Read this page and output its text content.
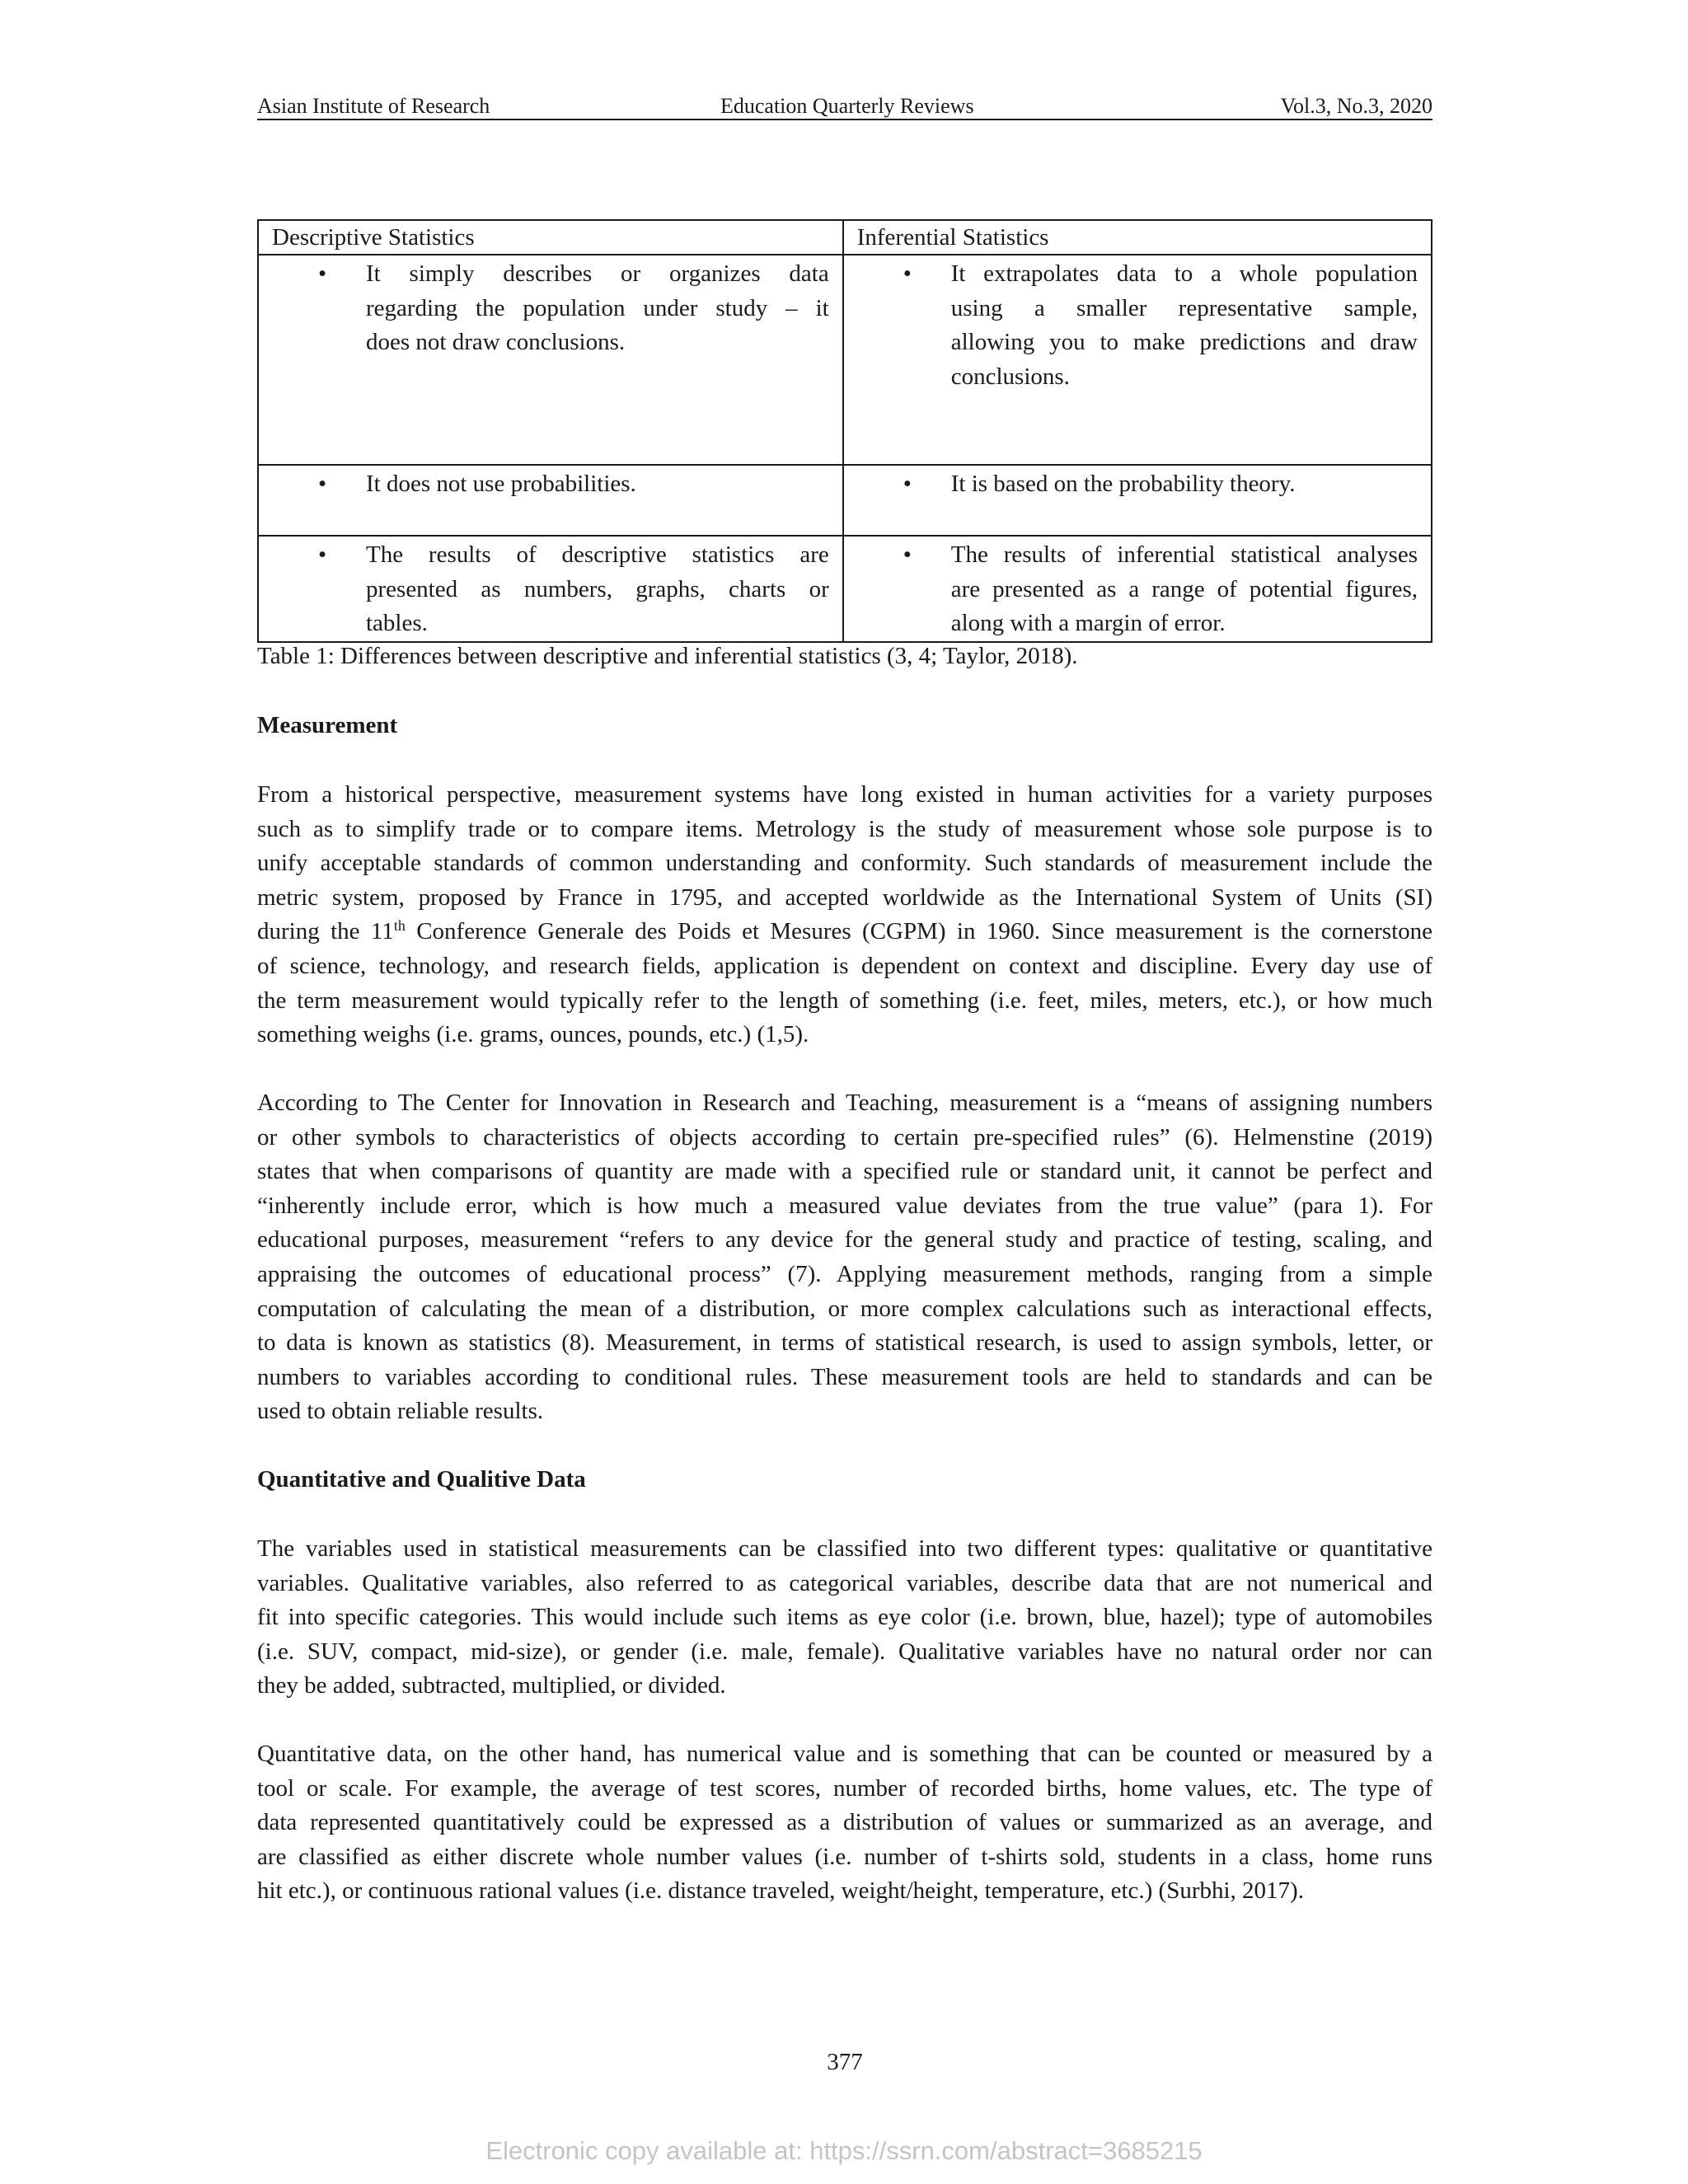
Asian Institute of Research	Education Quarterly Reviews	Vol.3, No.3, 2020
Descriptive Statistics	Inferential Statistics

• It simply describes or organizes data
regarding the population under study – it
does not draw conclusions.	• It extrapolates data to a whole population
using a smaller representative sample,
allowing you to make predictions and draw
conclusions.

• It does not use probabilities.	• It is based on the probability theory.

• The results of descriptive statistics are
presented as numbers, graphs, charts or
tables.	• The results of inferential statistical analyses
are presented as a range of potential figures,
along with a margin of error.
Table 1: Differences between descriptive and inferential statistics (3, 4; Taylor, 2018).
Measurement
From a historical perspective, measurement systems have long existed in human activities for a variety purposes
such as to simplify trade or to compare items. Metrology is the study of measurement whose sole purpose is to
unify acceptable standards of common understanding and conformity. Such standards of measurement include the
metric system, proposed by France in 1795, and accepted worldwide as the International System of Units (SI)
during the 11th Conference Generale des Poids et Mesures (CGPM) in 1960. Since measurement is the cornerstone
of science, technology, and research fields, application is dependent on context and discipline. Every day use of
the term measurement would typically refer to the length of something (i.e. feet, miles, meters, etc.), or how much
something weighs (i.e. grams, ounces, pounds, etc.) (1,5).
According to The Center for Innovation in Research and Teaching, measurement is a “means of assigning numbers
or other symbols to characteristics of objects according to certain pre-specified rules” (6). Helmenstine (2019)
states that when comparisons of quantity are made with a specified rule or standard unit, it cannot be perfect and
“inherently include error, which is how much a measured value deviates from the true value” (para 1). For
educational purposes, measurement “refers to any device for the general study and practice of testing, scaling, and
appraising the outcomes of educational process” (7). Applying measurement methods, ranging from a simple
computation of calculating the mean of a distribution, or more complex calculations such as interactional effects,
to data is known as statistics (8). Measurement, in terms of statistical research, is used to assign symbols, letter, or
numbers to variables according to conditional rules. These measurement tools are held to standards and can be
used to obtain reliable results.
Quantitative and Qualitive Data
The variables used in statistical measurements can be classified into two different types: qualitative or quantitative
variables. Qualitative variables, also referred to as categorical variables, describe data that are not numerical and
fit into specific categories. This would include such items as eye color (i.e. brown, blue, hazel); type of automobiles
(i.e. SUV, compact, mid-size), or gender (i.e. male, female). Qualitative variables have no natural order nor can
they be added, subtracted, multiplied, or divided.
Quantitative data, on the other hand, has numerical value and is something that can be counted or measured by a
tool or scale. For example, the average of test scores, number of recorded births, home values, etc. The type of
data represented quantitatively could be expressed as a distribution of values or summarized as an average, and
are classified as either discrete whole number values (i.e. number of t-shirts sold, students in a class, home runs
hit etc.), or continuous rational values (i.e. distance traveled, weight/height, temperature, etc.) (Surbhi, 2017).
377
Electronic copy available at: https://ssrn.com/abstract=3685215
